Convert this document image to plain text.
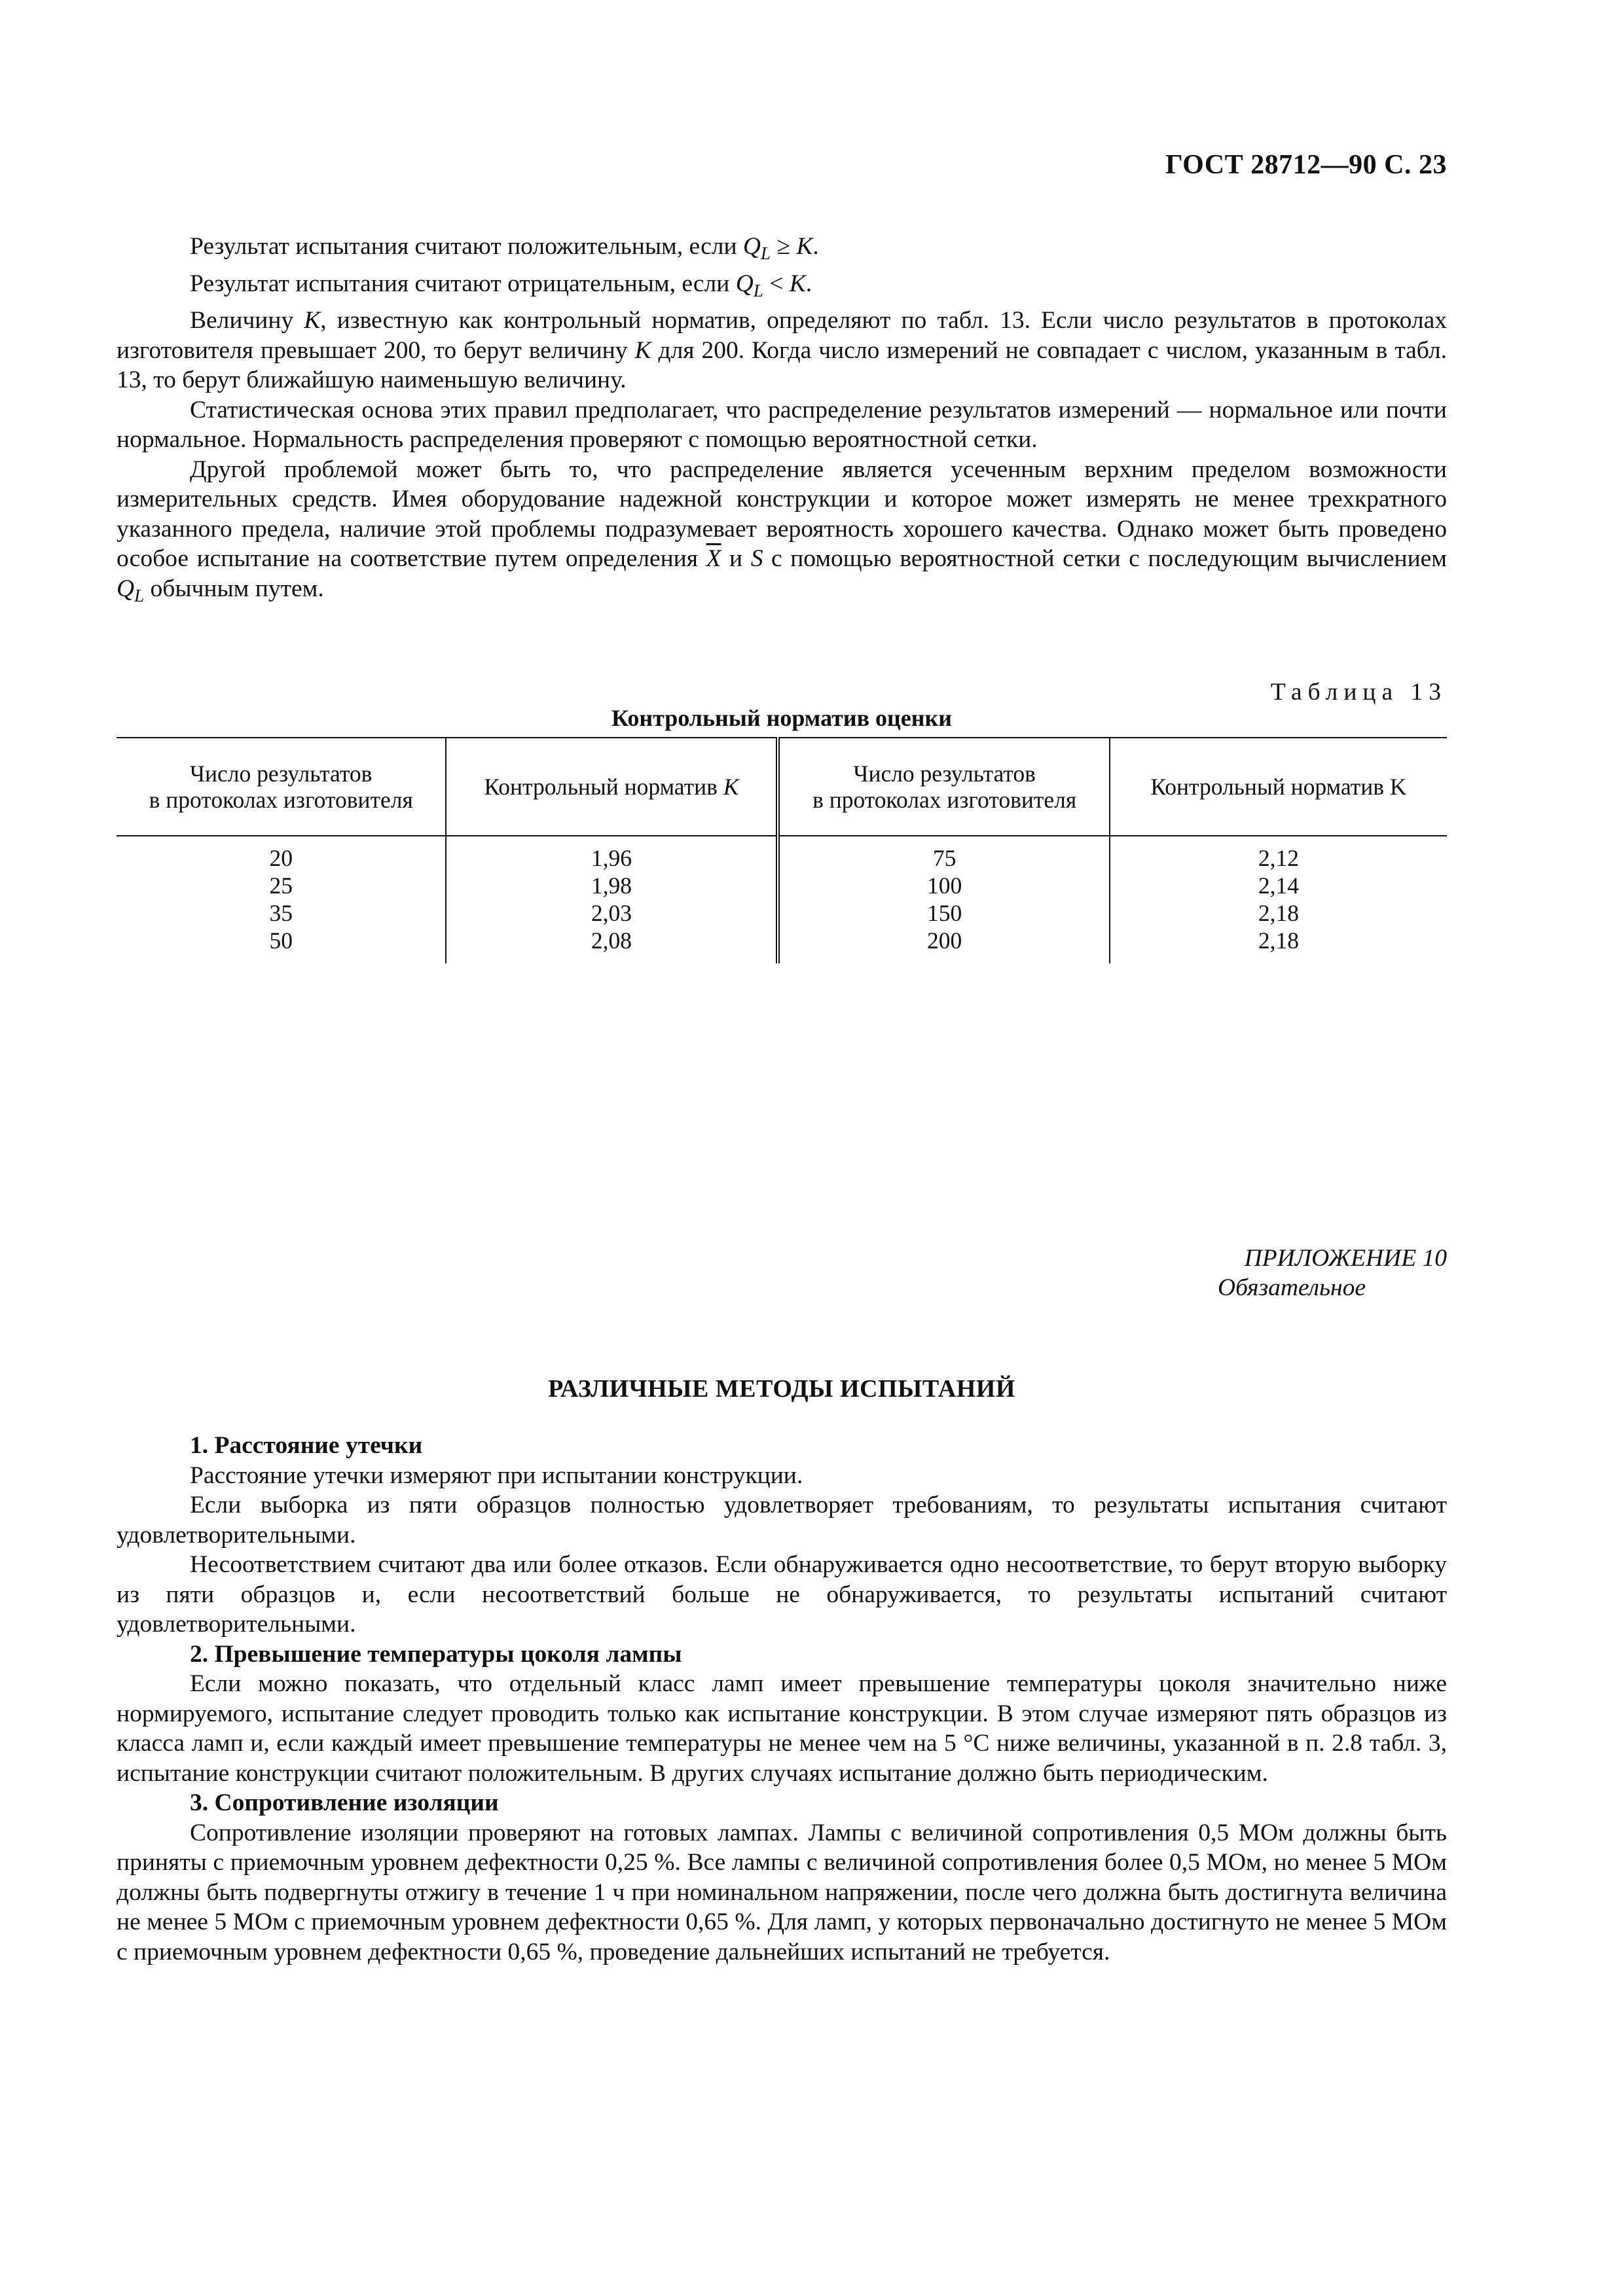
ГОСТ 28712—90 С. 23

Результат испытания считают положительным, если $Q_L \ge K$.

Результат испытания считают отрицательным, если $Q_L < K$.

Величину K, известную как контрольный норматив, определяют по табл. 13. Если число результатов в протоколах изготовителя превышает 200, то берут величину K для 200. Когда число измерений не совпадает с числом, указанным в табл. 13, то берут ближайшую наименьшую величину.

Статистическая основа этих правил предполагает, что распределение результатов измерений — нормальное или почти нормальное. Нормальность распределения проверяют с помощью вероятностной сетки.

Другой проблемой может быть то, что распределение является усеченным верхним пределом возможности измерительных средств. Имея оборудование надежной конструкции и которое может измерять не менее трехкратного указанного предела, наличие этой проблемы подразумевает вероятность хорошего качества. Однако может быть проведено особое испытание на соответствие путем определения $\overline{X}$ и S с помощью вероятностной сетки с последующим вычислением $Q_L$ обычным путем.

Таблица 13
Контрольный норматив оценки
Число результатов
в протоколах изготовителя	Контрольный норматив K	Число результатов
в протоколах изготовителя	Контрольный норматив K
20	1,96	75	2,12
25	1,98	100	2,14
35	2,03	150	2,18
50	2,08	200	2,18
ПРИЛОЖЕНИЕ 10
Обязательное
РАЗЛИЧНЫЕ МЕТОДЫ ИСПЫТАНИЙ

1. Расстояние утечки

Расстояние утечки измеряют при испытании конструкции.

Если выборка из пяти образцов полностью удовлетворяет требованиям, то результаты испытания считают удовлетворительными.

Несоответствием считают два или более отказов. Если обнаруживается одно несоответствие, то берут вторую выборку из пяти образцов и, если несоответствий больше не обнаруживается, то результаты испытаний считают удовлетворительными.

2. Превышение температуры цоколя лампы

Если можно показать, что отдельный класс ламп имеет превышение температуры цоколя значительно ниже нормируемого, испытание следует проводить только как испытание конструкции. В этом случае измеряют пять образцов из класса ламп и, если каждый имеет превышение температуры не менее чем на 5 °С ниже величины, указанной в п. 2.8 табл. 3, испытание конструкции считают положительным. В других случаях испытание должно быть периодическим.

3. Сопротивление изоляции

Сопротивление изоляции проверяют на готовых лампах. Лампы с величиной сопротивления 0,5 МОм должны быть приняты с приемочным уровнем дефектности 0,25 %. Все лампы с величиной сопротивления более 0,5 МОм, но менее 5 МОм должны быть подвергнуты отжигу в течение 1 ч при номинальном напряжении, после чего должна быть достигнута величина не менее 5 МОм с приемочным уровнем дефектности 0,65 %. Для ламп, у которых первоначально достигнуто не менее 5 МОм с приемочным уровнем дефектности 0,65 %, проведение дальнейших испытаний не требуется.
